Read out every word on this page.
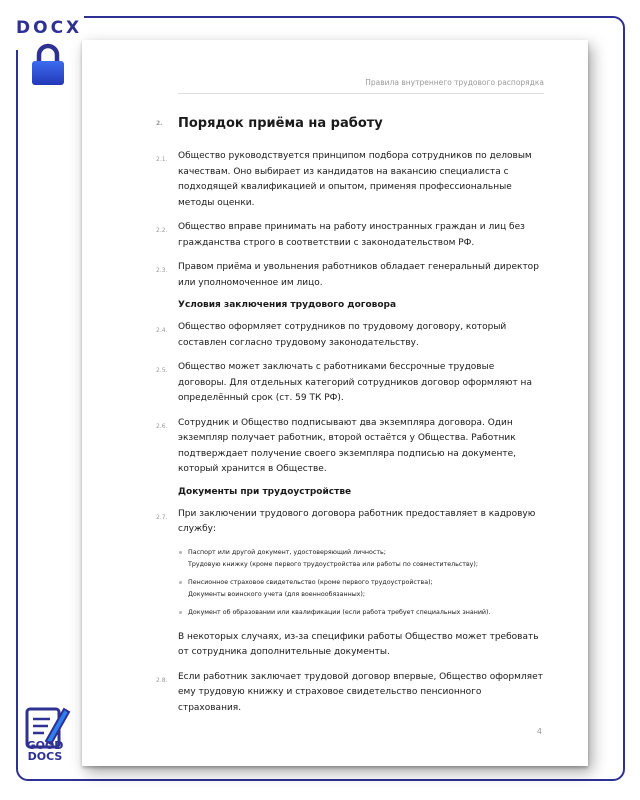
DOCX
GOOD
DOCS
Правила внутреннего трудового распорядка
2. Порядок приёма на работу
2.1. Общество руководствуется принципом подбора сотрудников по деловым качествам. Оно выбирает из кандидатов на вакансию специалиста с подходящей квалификацией и опытом, применяя профессиональные методы оценки.
2.2. Общество вправе принимать на работу иностранных граждан и лиц без гражданства строго в соответствии с законодательством РФ.
2.3. Правом приёма и увольнения работников обладает генеральный директор или уполномоченное им лицо.
Условия заключения трудового договора
2.4. Общество оформляет сотрудников по трудовому договору, который составлен согласно трудовому законодательству.
2.5. Общество может заключать с работниками бессрочные трудовые договоры. Для отдельных категорий сотрудников договор оформляют на определённый срок (ст. 59 ТК РФ).
2.6. Сотрудник и Общество подписывают два экземпляра договора. Один экземпляр получает работник, второй остаётся у Общества. Работник подтверждает получение своего экземпляра подписью на документе, который хранится в Обществе.
Документы при трудоустройстве
2.7. При заключении трудового договора работник предоставляет в кадровую службу:
Паспорт или другой документ, удостоверяющий личность;
Трудовую книжку (кроме первого трудоустройства или работы по совместительству);
Пенсионное страховое свидетельство (кроме первого трудоустройства);
Документы воинского учета (для военнообязанных);
Документ об образовании или квалификации (если работа требует специальных знаний).
В некоторых случаях, из-за специфики работы Общество может требовать от сотрудника дополнительные документы.
2.8. Если работник заключает трудовой договор впервые, Общество оформляет ему трудовую книжку и страховое свидетельство пенсионного страхования.
4
